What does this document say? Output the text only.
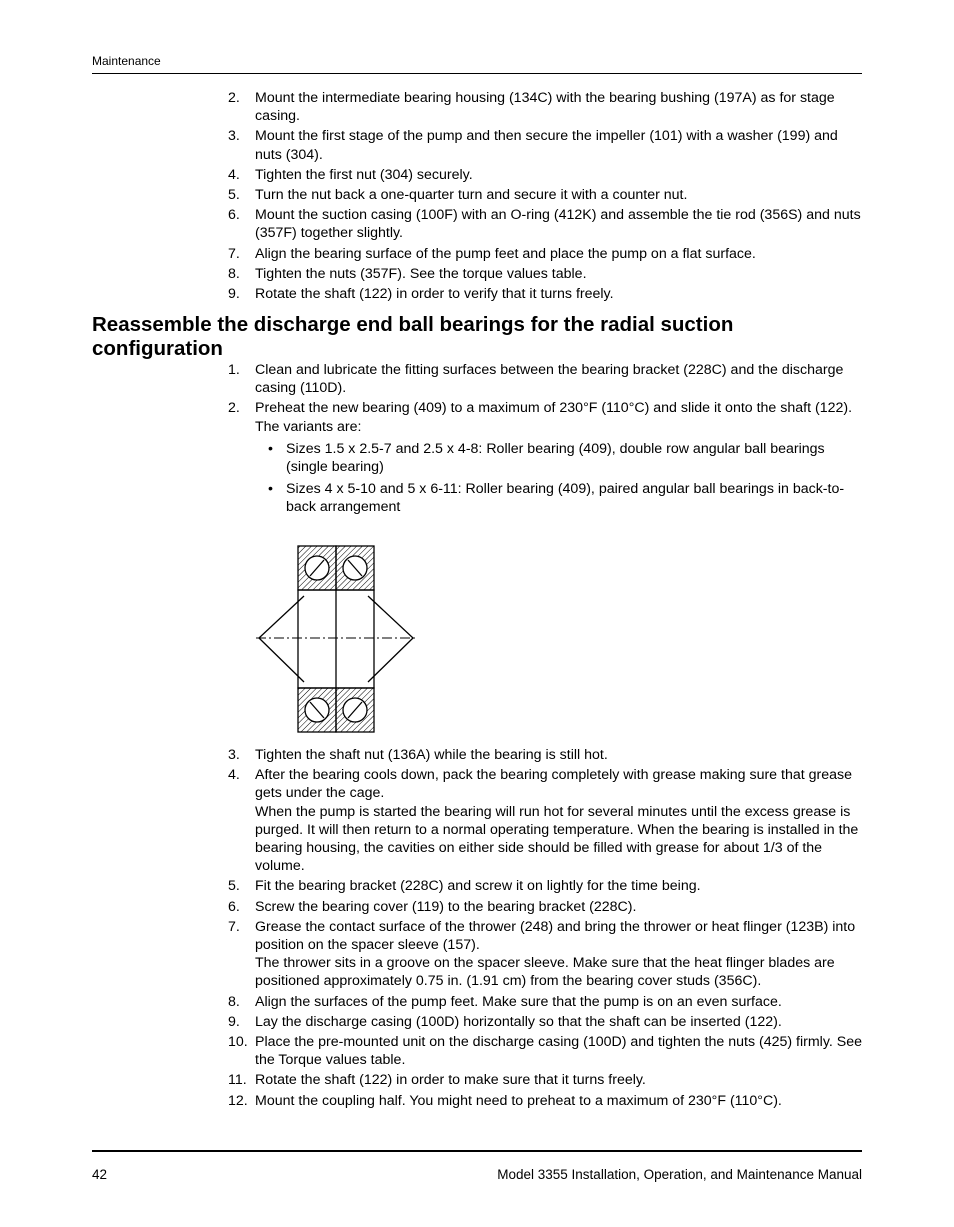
Maintenance
2. Mount the intermediate bearing housing (134C) with the bearing bushing (197A) as for stage casing.
3. Mount the first stage of the pump and then secure the impeller (101) with a washer (199) and nuts (304).
4. Tighten the first nut (304) securely.
5. Turn the nut back a one-quarter turn and secure it with a counter nut.
6. Mount the suction casing (100F) with an O-ring (412K) and assemble the tie rod (356S) and nuts (357F) together slightly.
7. Align the bearing surface of the pump feet and place the pump on a flat surface.
8. Tighten the nuts (357F). See the torque values table.
9. Rotate the shaft (122) in order to verify that it turns freely.
Reassemble the discharge end ball bearings for the radial suction configuration
1. Clean and lubricate the fitting surfaces between the bearing bracket (228C) and the discharge casing (110D).
2. Preheat the new bearing (409) to a maximum of 230°F (110°C) and slide it onto the shaft (122).
The variants are:
• Sizes 1.5 x 2.5-7 and 2.5 x 4-8: Roller bearing (409), double row angular ball bearings (single bearing)
• Sizes 4 x 5-10 and 5 x 6-11: Roller bearing (409), paired angular ball bearings in back-to-back arrangement
3. Tighten the shaft nut (136A) while the bearing is still hot.
4. After the bearing cools down, pack the bearing completely with grease making sure that grease gets under the cage.
When the pump is started the bearing will run hot for several minutes until the excess grease is purged. It will then return to a normal operating temperature. When the bearing is installed in the bearing housing, the cavities on either side should be filled with grease for about 1/3 of the volume.
5. Fit the bearing bracket (228C) and screw it on lightly for the time being.
6. Screw the bearing cover (119) to the bearing bracket (228C).
7. Grease the contact surface of the thrower (248) and bring the thrower or heat flinger (123B) into position on the spacer sleeve (157).
The thrower sits in a groove on the spacer sleeve. Make sure that the heat flinger blades are positioned approximately 0.75 in. (1.91 cm) from the bearing cover studs (356C).
8. Align the surfaces of the pump feet. Make sure that the pump is on an even surface.
9. Lay the discharge casing (100D) horizontally so that the shaft can be inserted (122).
10. Place the pre-mounted unit on the discharge casing (100D) and tighten the nuts (425) firmly. See the Torque values table.
11. Rotate the shaft (122) in order to make sure that it turns freely.
12. Mount the coupling half. You might need to preheat to a maximum of 230°F (110°C).
42	Model 3355 Installation, Operation, and Maintenance Manual
